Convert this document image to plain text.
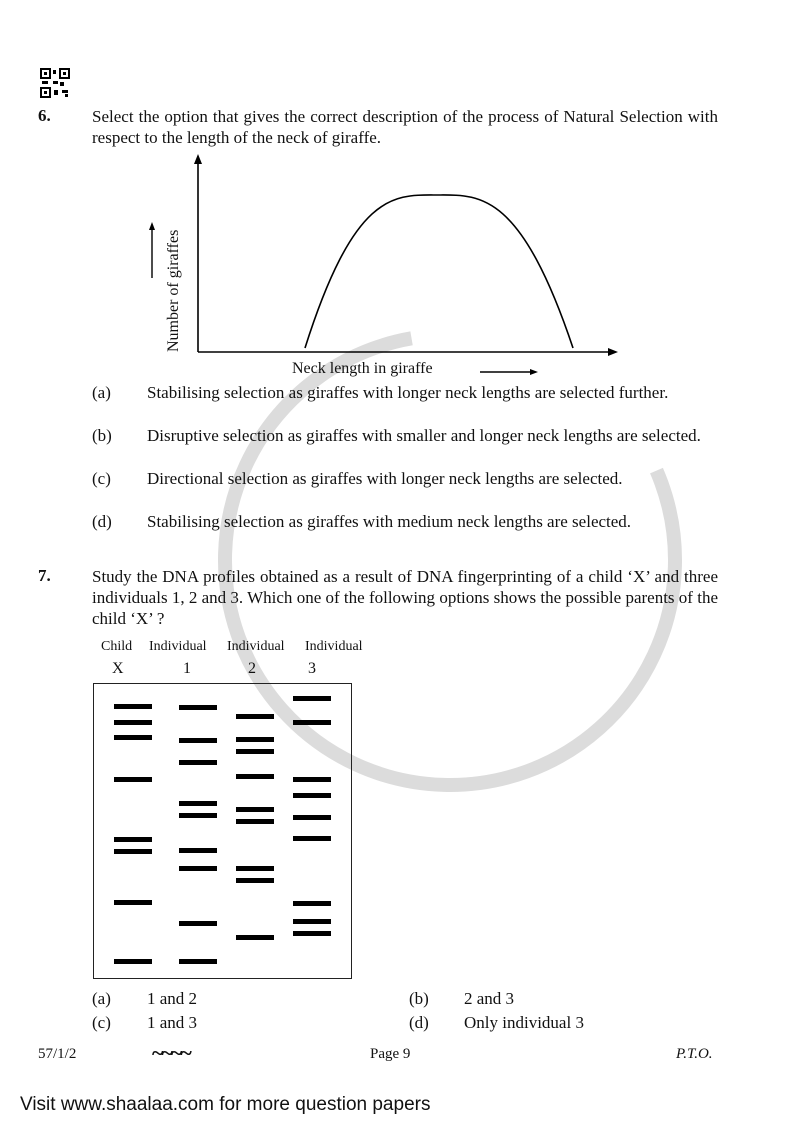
6. Select the option that gives the correct description of the process of Natural Selection with respect to the length of the neck of giraffe.
Number of giraffes
Neck length in giraffe
(a) Stabilising selection as giraffes with longer neck lengths are selected further.
(b) Disruptive selection as giraffes with smaller and longer neck lengths are selected.
(c) Directional selection as giraffes with longer neck lengths are selected.
(d) Stabilising selection as giraffes with medium neck lengths are selected.
7. Study the DNA profiles obtained as a result of DNA fingerprinting of a child ‘X’ and three individuals 1, 2 and 3. Which one of the following options shows the possible parents of the child ‘X’ ?
Child Individual Individual Individual
X	1	2	3
(a) 1 and 2	(b) 2 and 3
(c) 1 and 3	(d) Only individual 3
57/1/2	~~~~	Page 9	P.T.O.
Visit www.shaalaa.com for more question papers
